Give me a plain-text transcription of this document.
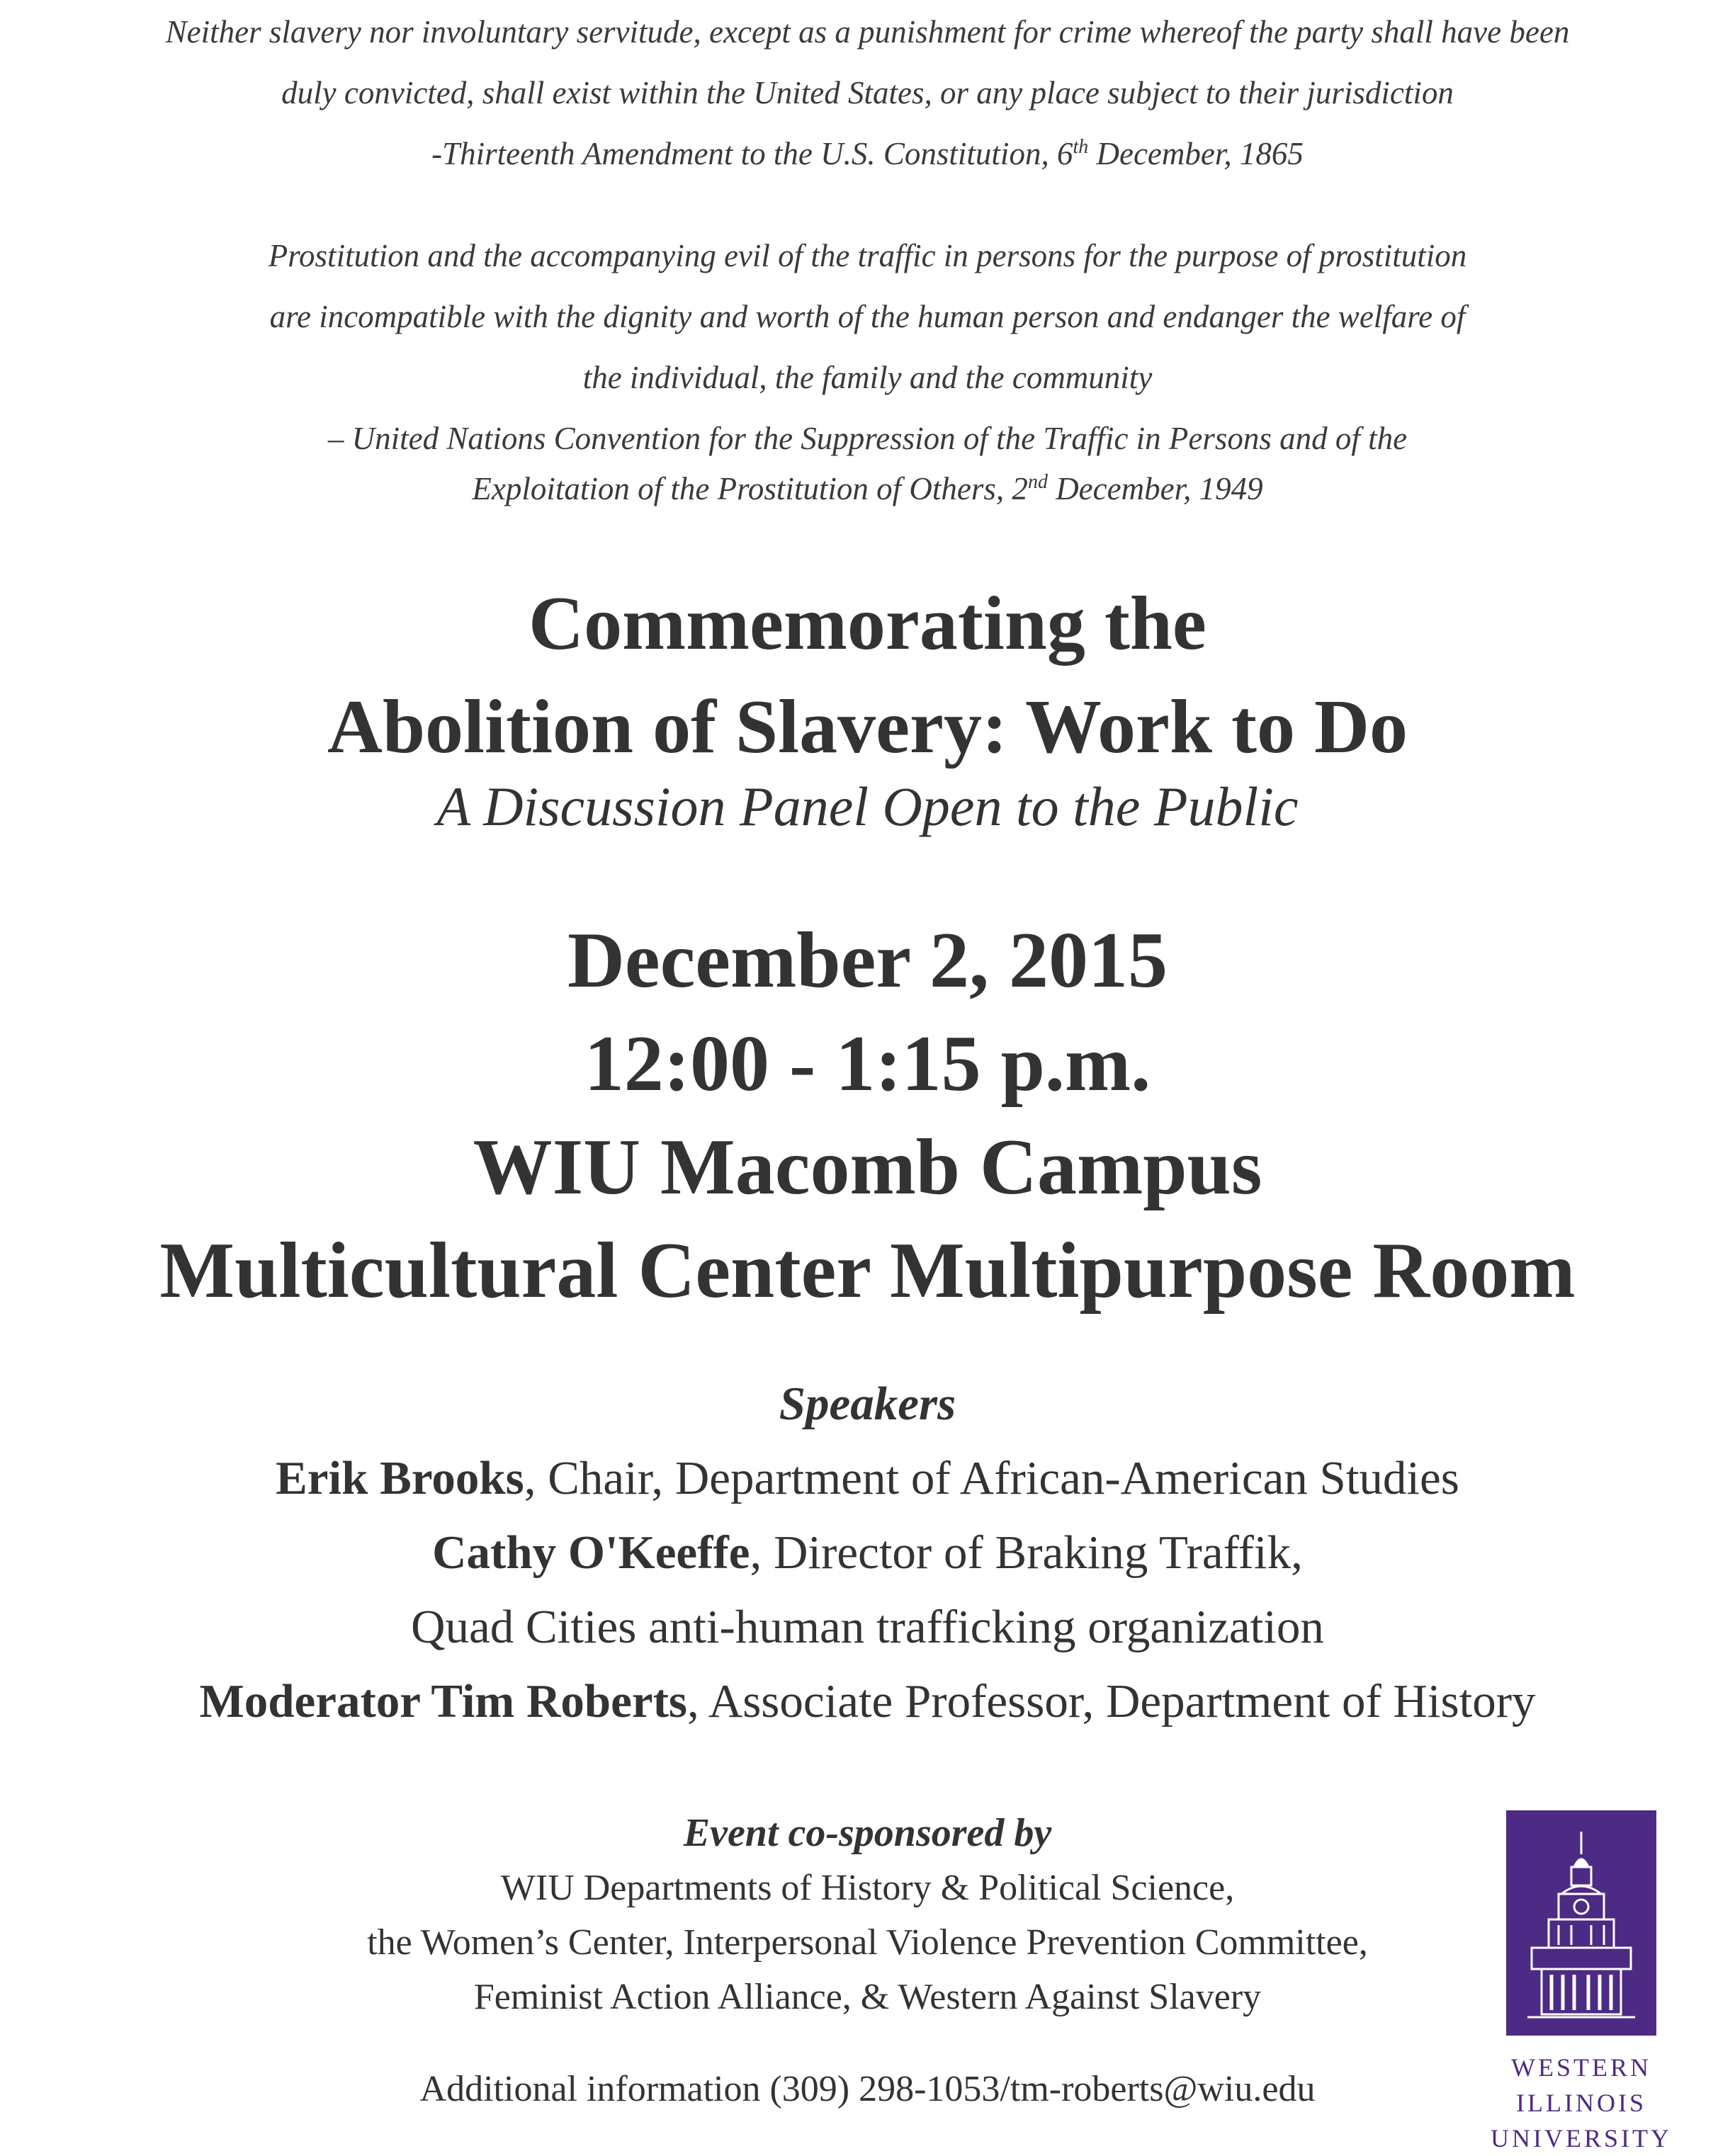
Neither slavery nor involuntary servitude, except as a punishment for crime whereof the party shall have been
duly convicted, shall exist within the United States, or any place subject to their jurisdiction
-Thirteenth Amendment to the U.S. Constitution, 6th December, 1865
Prostitution and the accompanying evil of the traffic in persons for the purpose of prostitution
are incompatible with the dignity and worth of the human person and endanger the welfare of
the individual, the family and the community
– United Nations Convention for the Suppression of the Traffic in Persons and of the
Exploitation of the Prostitution of Others, 2nd December, 1949
Commemorating the
Abolition of Slavery: Work to Do
A Discussion Panel Open to the Public
December 2, 2015
12:00 - 1:15 p.m.
WIU Macomb Campus
Multicultural Center Multipurpose Room
Speakers
Erik Brooks, Chair, Department of African-American Studies
Cathy O'Keeffe, Director of Braking Traffik,
Quad Cities anti-human trafficking organization
Moderator Tim Roberts, Associate Professor, Department of History
Event co-sponsored by
WIU Departments of History & Political Science,
the Women’s Center, Interpersonal Violence Prevention Committee,
Feminist Action Alliance, & Western Against Slavery
Additional information (309) 298-1053/tm-roberts@wiu.edu
WESTERN
ILLINOIS
UNIVERSITY
